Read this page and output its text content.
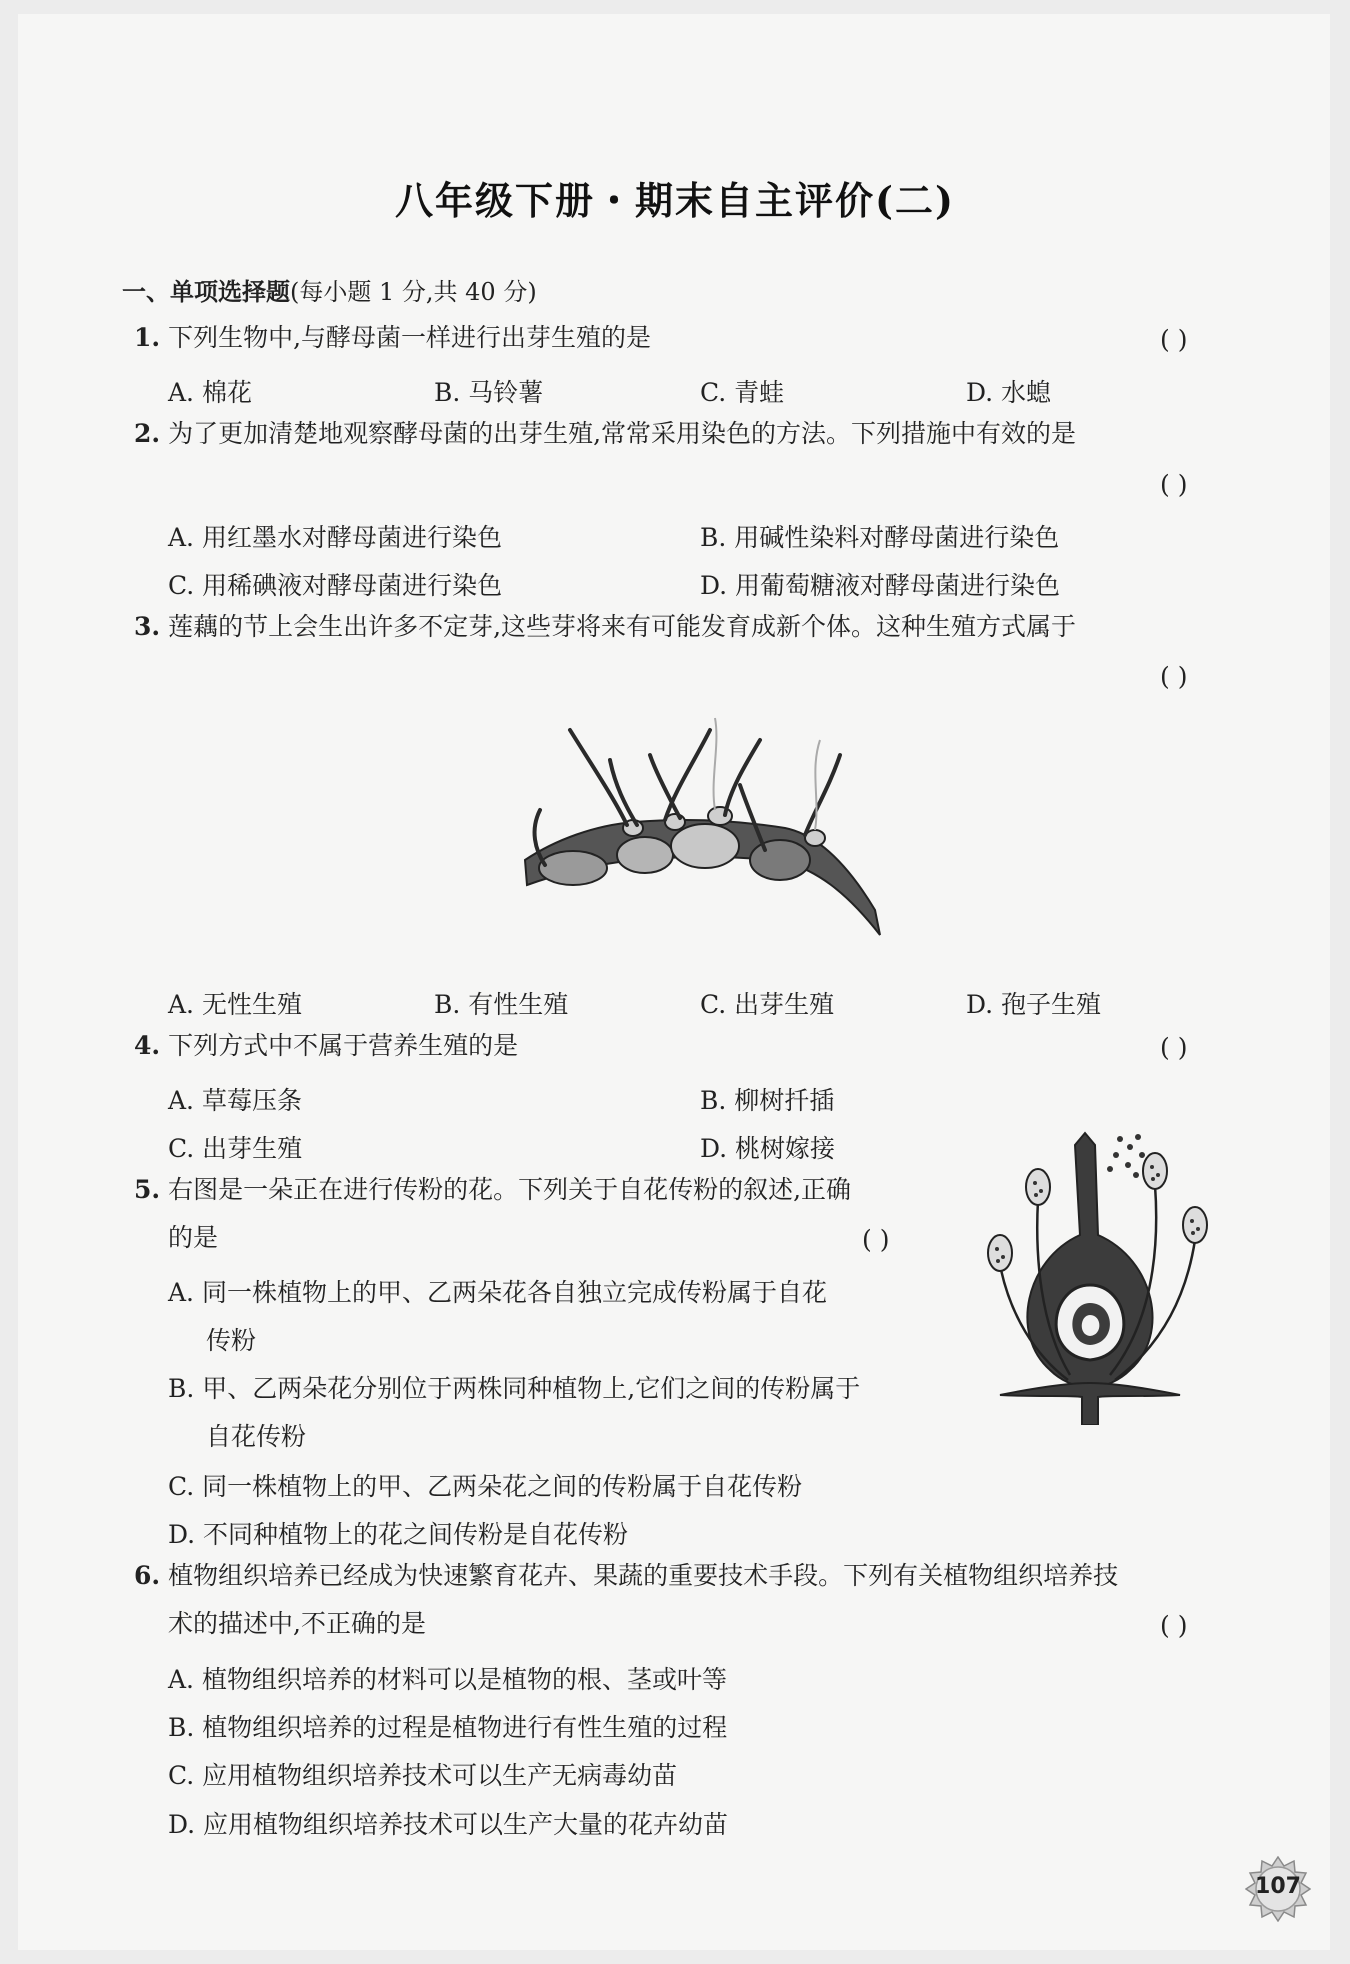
八年级下册・期末自主评价(二)
一、单项选择题(每小题 1 分,共 40 分)
1. 下列生物中,与酵母菌一样进行出芽生殖的是	( )
A. 棉花	B. 马铃薯	C. 青蛙	D. 水螅
2. 为了更加清楚地观察酵母菌的出芽生殖,常常采用染色的方法。下列措施中有效的是
( )
A. 用红墨水对酵母菌进行染色	B. 用碱性染料对酵母菌进行染色
C. 用稀碘液对酵母菌进行染色	D. 用葡萄糖液对酵母菌进行染色
3. 莲藕的节上会生出许多不定芽,这些芽将来有可能发育成新个体。这种生殖方式属于
( )
A. 无性生殖	B. 有性生殖	C. 出芽生殖	D. 孢子生殖
4. 下列方式中不属于营养生殖的是	( )
A. 草莓压条	B. 柳树扦插
C. 出芽生殖	D. 桃树嫁接
5. 右图是一朵正在进行传粉的花。下列关于自花传粉的叙述,正确
的是	( )
A. 同一株植物上的甲、乙两朵花各自独立完成传粉属于自花
传粉
B. 甲、乙两朵花分别位于两株同种植物上,它们之间的传粉属于
自花传粉
C. 同一株植物上的甲、乙两朵花之间的传粉属于自花传粉
D. 不同种植物上的花之间传粉是自花传粉
6. 植物组织培养已经成为快速繁育花卉、果蔬的重要技术手段。下列有关植物组织培养技
术的描述中,不正确的是	( )
A. 植物组织培养的材料可以是植物的根、茎或叶等
B. 植物组织培养的过程是植物进行有性生殖的过程
C. 应用植物组织培养技术可以生产无病毒幼苗
D. 应用植物组织培养技术可以生产大量的花卉幼苗
107
